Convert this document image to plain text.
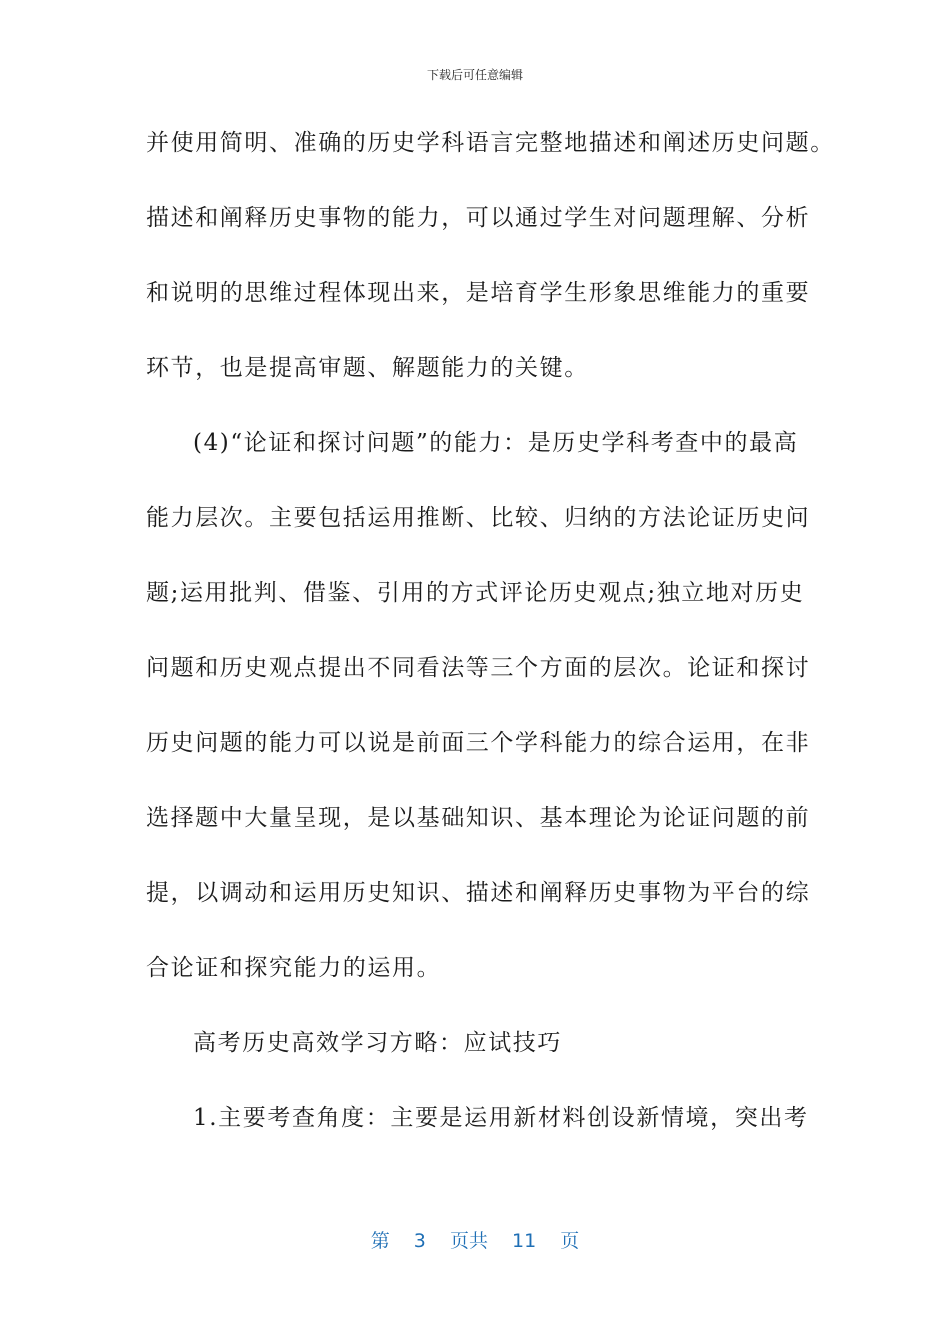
下载后可任意编辑
并使用简明、准确的历史学科语言完整地描述和阐述历史问题。
描述和阐释历史事物的能力，可以通过学生对问题理解、分析
和说明的思维过程体现出来，是培育学生形象思维能力的重要
环节，也是提高审题、解题能力的关键。
(4)“论证和探讨问题”的能力：是历史学科考查中的最高
能力层次。主要包括运用推断、比较、归纳的方法论证历史问
题;运用批判、借鉴、引用的方式评论历史观点;独立地对历史
问题和历史观点提出不同看法等三个方面的层次。论证和探讨
历史问题的能力可以说是前面三个学科能力的综合运用，在非
选择题中大量呈现，是以基础知识、基本理论为论证问题的前
提，以调动和运用历史知识、描述和阐释历史事物为平台的综
合论证和探究能力的运用。
高考历史高效学习方略：应试技巧
1.主要考查角度：主要是运用新材料创设新情境，突出考
第 3 页共 11 页
